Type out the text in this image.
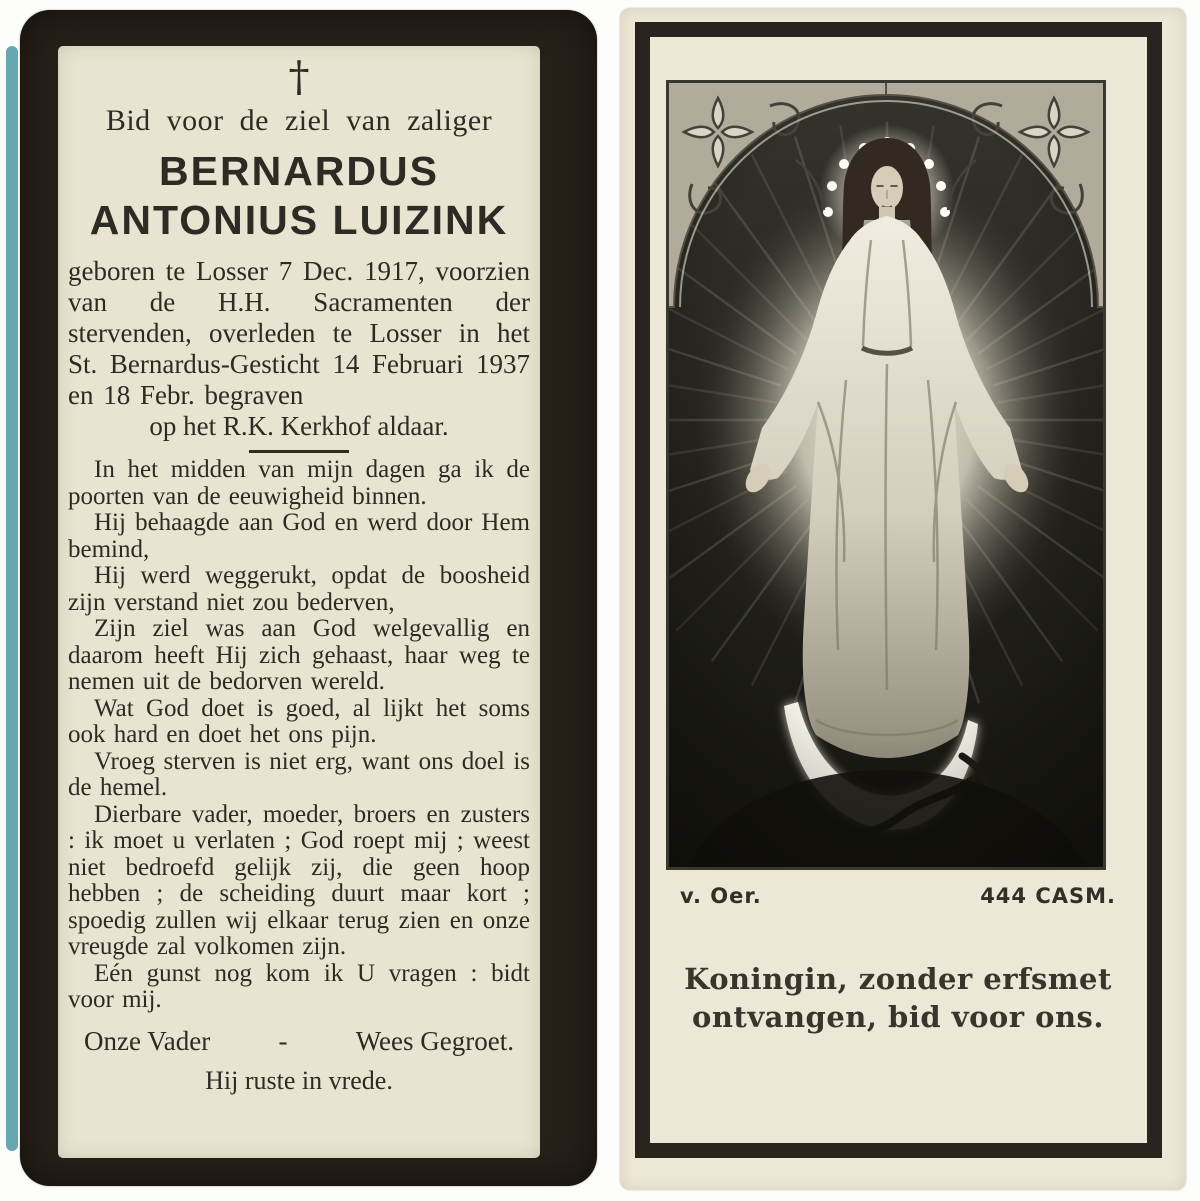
†
Bid voor de ziel van zaliger
BERNARDUS
ANTONIUS LUIZINK

geboren te Losser 7 Dec. 1917, voorzien van de H.H. Sacramenten der stervenden, overleden te Losser in het St. Bernardus-Gesticht 14 Februari 1937 en 18 Febr. begraven

op het R.K. Kerkhof aldaar.

In het midden van mijn dagen ga ik de poorten van de eeuwigheid binnen.

Hij behaagde aan God en werd door Hem bemind,

Hij werd weggerukt, opdat de boosheid zijn verstand niet zou bederven,

Zijn ziel was aan God welgevallig en daarom heeft Hij zich gehaast, haar weg te nemen uit de bedorven wereld.

Wat God doet is goed, al lijkt het soms ook hard en doet het ons pijn.

Vroeg sterven is niet erg, want ons doel is de hemel.

Dierbare vader, moeder, broers en zusters : ik moet u verlaten ; God roept mij ; weest niet bedroefd gelijk zij, die geen hoop hebben ; de scheiding duurt maar kort ; spoedig zullen wij elkaar terug zien en onze vreugde zal volkomen zijn.

Eén gunst nog kom ik U vragen : bidt voor mij.

Onze Vader	-	Wees Gegroet.
Hij ruste in vrede.
v. Oer.	444 CASM.
Koningin, zonder erfsmet
ontvangen, bid voor ons.
